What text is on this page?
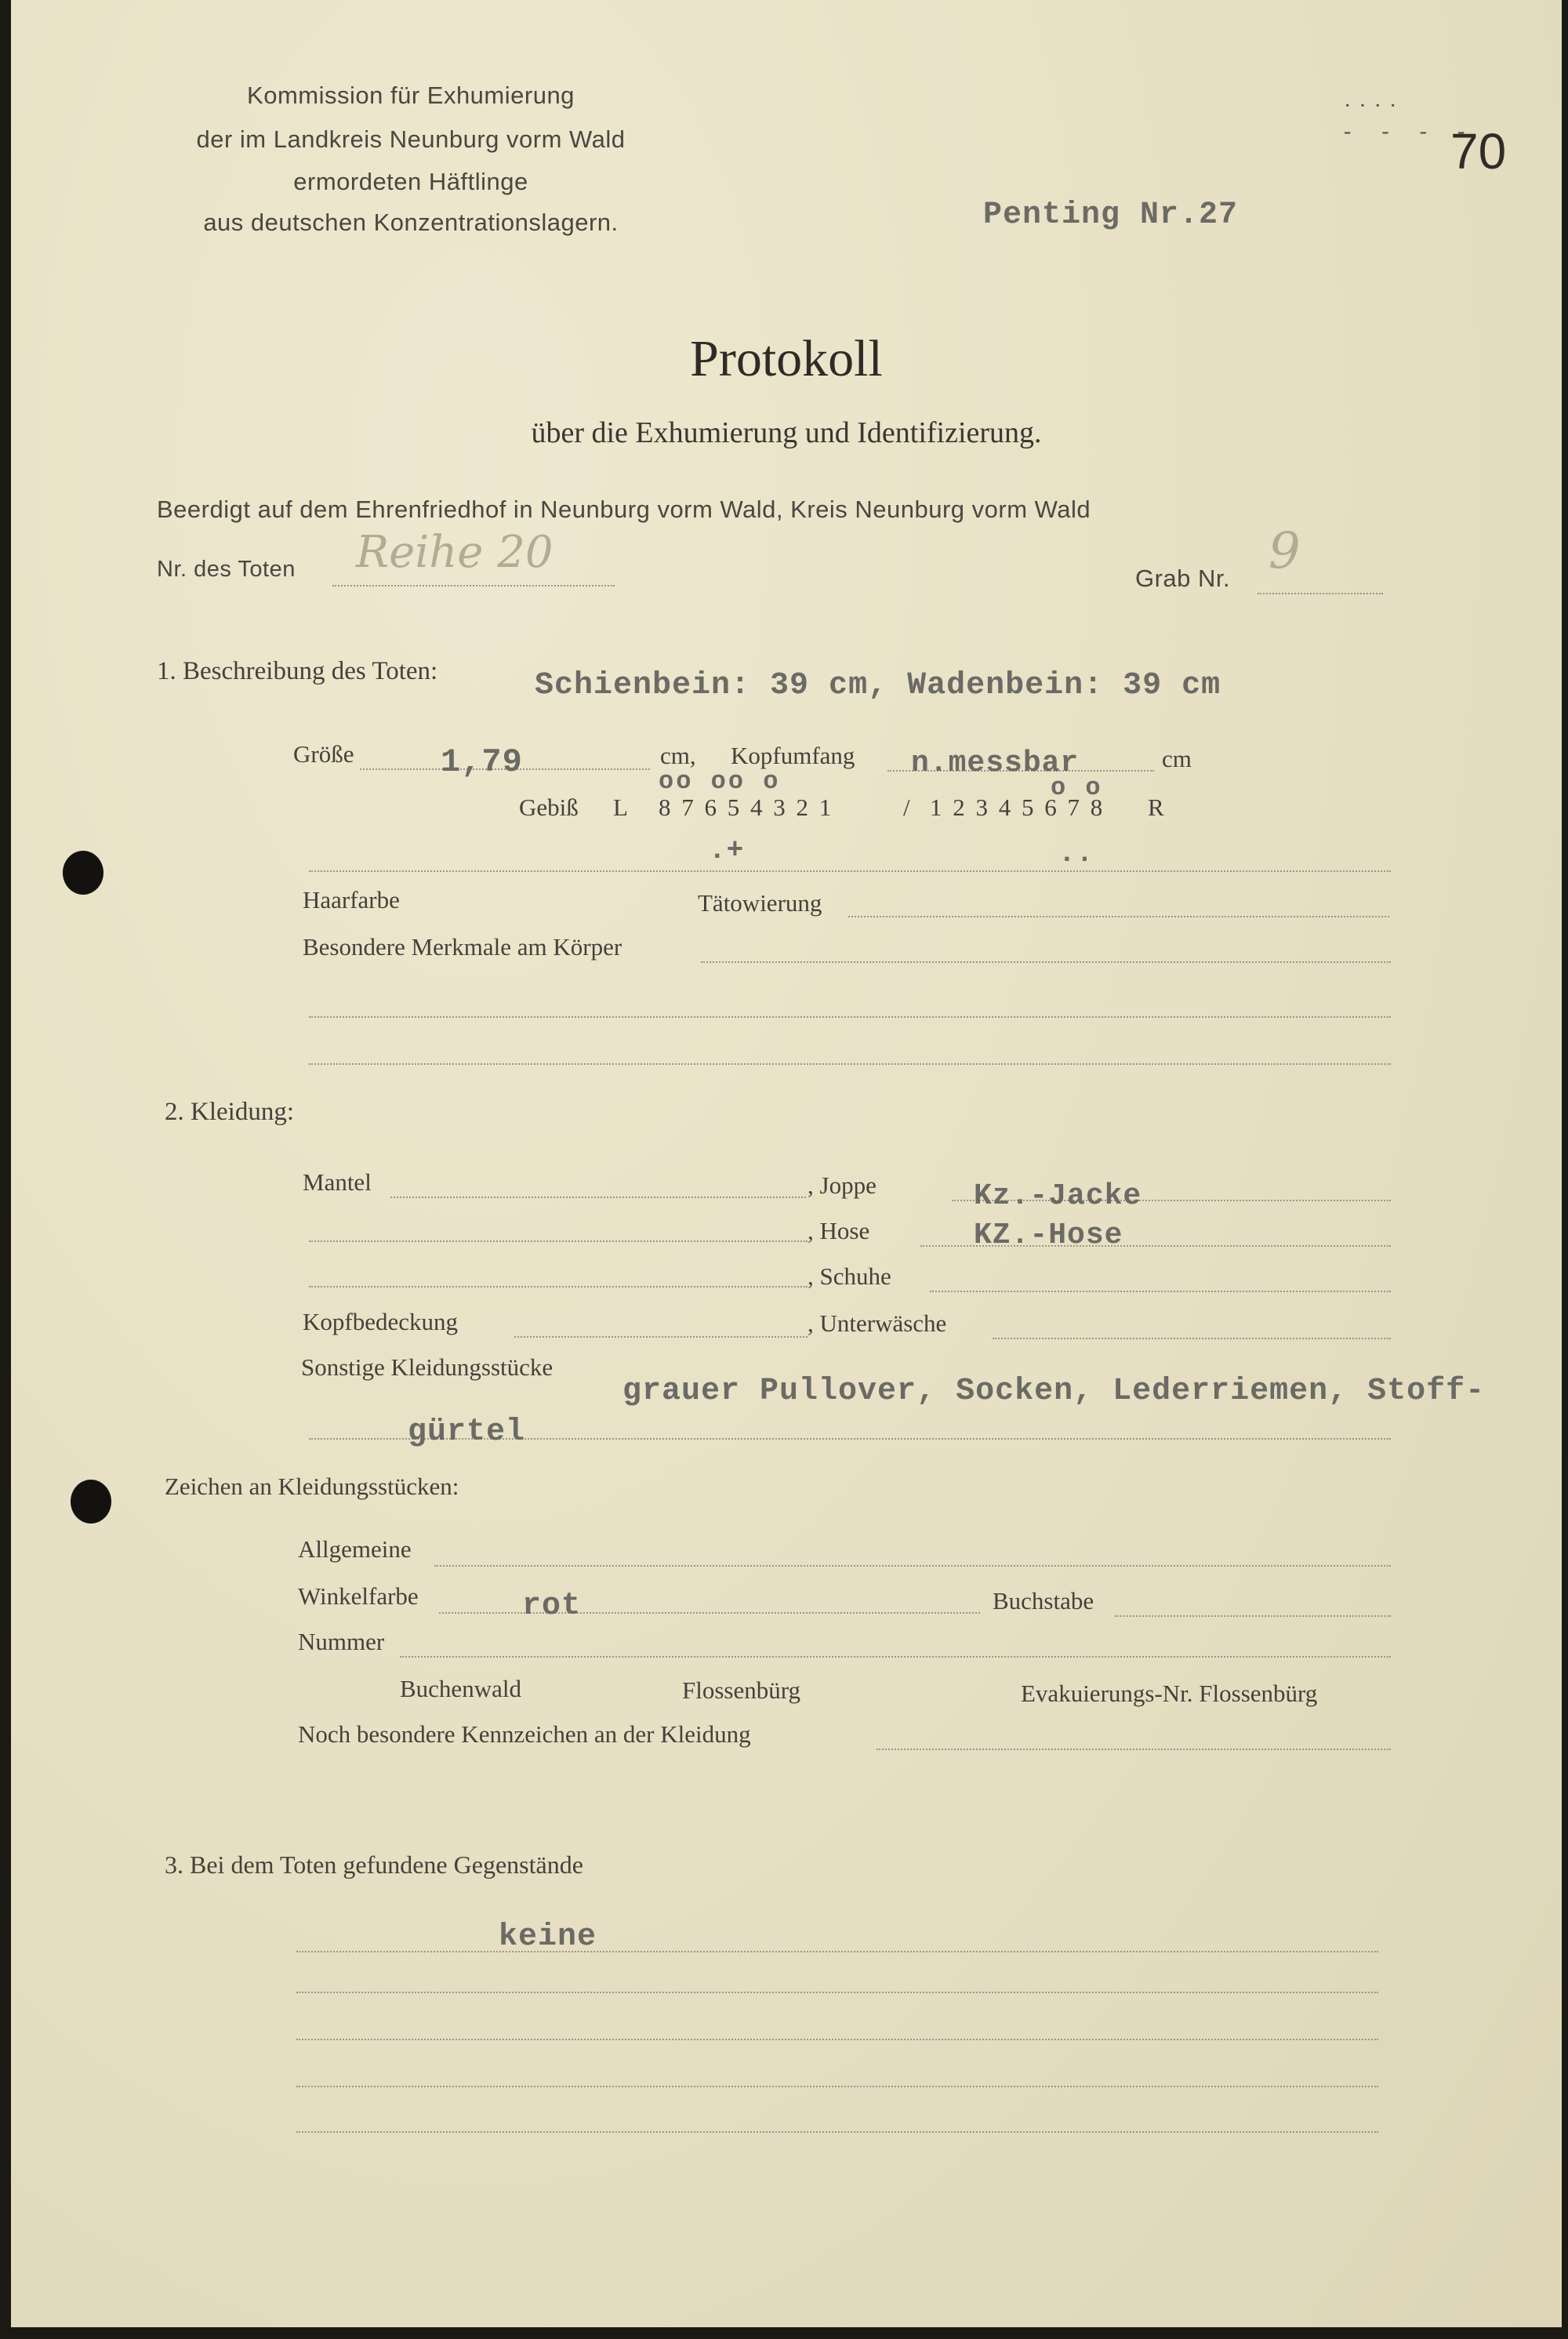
Kommission für Exhumierung
der im Landkreis Neunburg vorm Wald
ermordeten Häftlinge
aus deutschen Konzentrationslagern.	Penting Nr.27
····
- - - -
70
Protokoll
über die Exhumierung und Identifizierung.
Beerdigt auf dem Ehrenfriedhof in Neunburg vorm Wald, Kreis Neunburg vorm Wald
Nr. des Toten Reihe 20
Grab Nr. 9
1. Beschreibung des Toten:	Schienbein: 39 cm, Wadenbein: 39 cm
Größe	1,79	cm, Kopfumfang n.messbar	cm
oo oo o	o o
Gebiß L 8 7 6 5 4 3 2 1	/ 1 2 3 4 5 6 7 8 R
.+	..
Haarfarbe	Tätowierung
Besondere Merkmale am Körper
2. Kleidung:
Mantel	, Joppe	Kz.-Jacke
, Hose	KZ.-Hose
, Schuhe
Kopfbedeckung	, Unterwäsche
Sonstige Kleidungsstücke
grauer Pullover, Socken, Lederriemen, Stoff-
gürtel
Zeichen an Kleidungsstücken:
Allgemeine
Winkelfarbe	rot	Buchstabe
Nummer
Buchenwald	Flossenbürg	Evakuierungs-Nr. Flossenbürg
Noch besondere Kennzeichen an der Kleidung
3. Bei dem Toten gefundene Gegenstände
keine
